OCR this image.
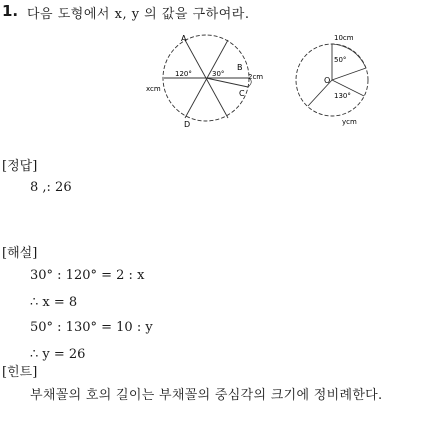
1. 다음 도형에서 x, y 의 값을 구하여라.
A
B
C
D
120°	30°	2cm
xcm
10cm
50°
O
130°
ycm
[정답]
8 ,: 26
[해설]
30° : 120° = 2 : x
∴ x = 8
50° : 130° = 10 : y
∴ y = 26
[힌트]
부채꼴의 호의 길이는 부채꼴의 중심각의 크기에 정비례한다.
